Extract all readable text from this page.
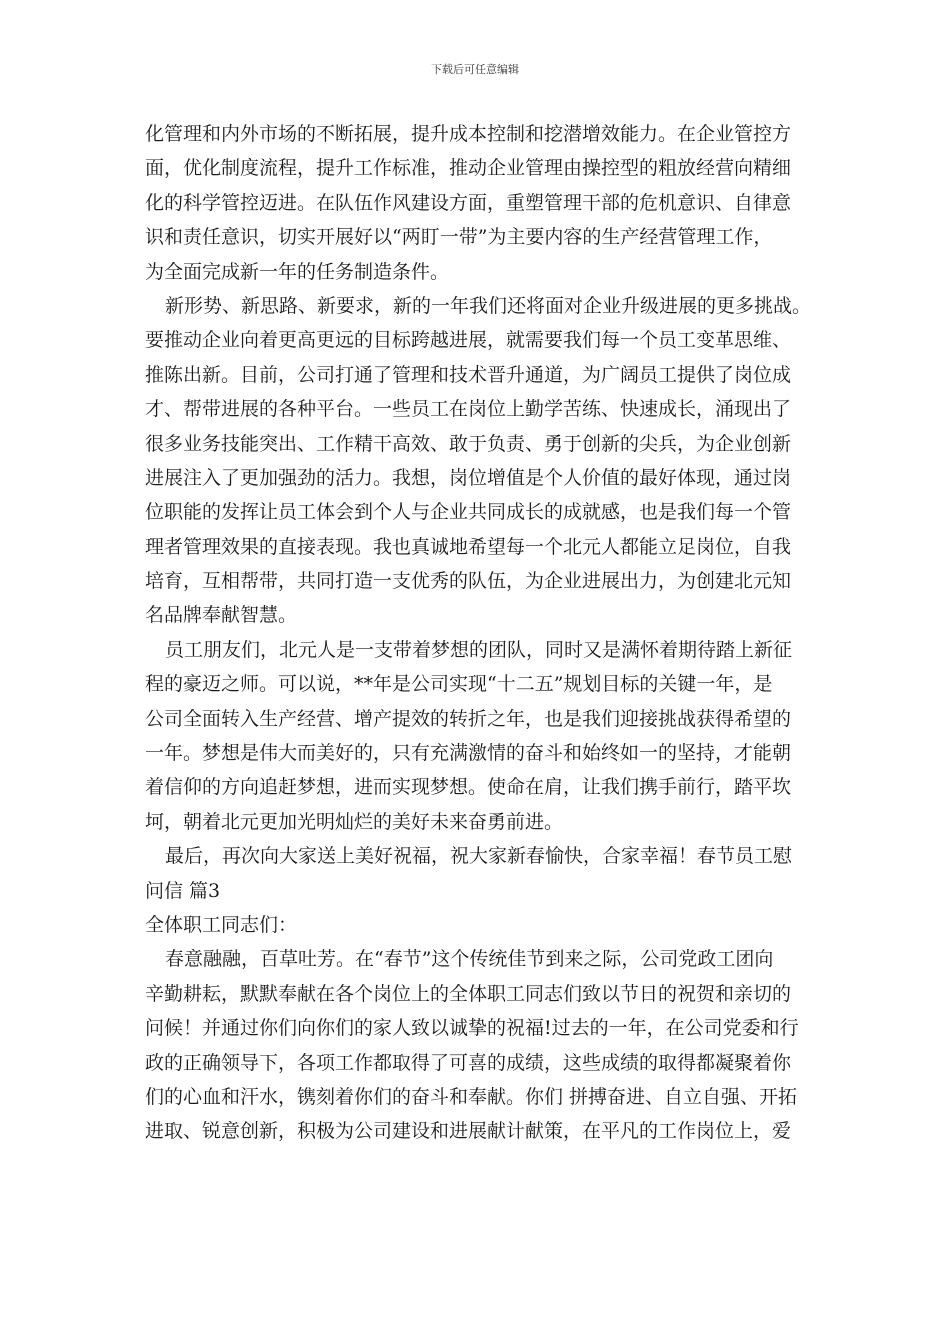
下载后可任意编辑
化管理和内外市场的不断拓展，提升成本控制和挖潜增效能力。在企业管控方
面，优化制度流程，提升工作标准，推动企业管理由操控型的粗放经营向精细
化的科学管控迈进。在队伍作风建设方面，重塑管理干部的危机意识、自律意
识和责任意识，切实开展好以“两盯一带”为主要内容的生产经营管理工作，
为全面完成新一年的任务制造条件。
新形势、新思路、新要求，新的一年我们还将面对企业升级进展的更多挑战。
要推动企业向着更高更远的目标跨越进展，就需要我们每一个员工变革思维、
推陈出新。目前，公司打通了管理和技术晋升通道，为广阔员工提供了岗位成
才、帮带进展的各种平台。一些员工在岗位上勤学苦练、快速成长，涌现出了
很多业务技能突出、工作精干高效、敢于负责、勇于创新的尖兵，为企业创新
进展注入了更加强劲的活力。我想，岗位增值是个人价值的最好体现，通过岗
位职能的发挥让员工体会到个人与企业共同成长的成就感，也是我们每一个管
理者管理效果的直接表现。我也真诚地希望每一个北元人都能立足岗位，自我
培育，互相帮带，共同打造一支优秀的队伍，为企业进展出力，为创建北元知
名品牌奉献智慧。
员工朋友们，北元人是一支带着梦想的团队，同时又是满怀着期待踏上新征
程的豪迈之师。可以说，**年是公司实现“十二五”规划目标的关键一年，是
公司全面转入生产经营、增产提效的转折之年，也是我们迎接挑战获得希望的
一年。梦想是伟大而美好的，只有充满激情的奋斗和始终如一的坚持，才能朝
着信仰的方向追赶梦想，进而实现梦想。使命在肩，让我们携手前行，踏平坎
坷，朝着北元更加光明灿烂的美好未来奋勇前进。
最后，再次向大家送上美好祝福，祝大家新春愉快，合家幸福！春节员工慰
问信 篇3
全体职工同志们：
春意融融，百草吐芳。在“春节”这个传统佳节到来之际，公司党政工团向
辛勤耕耘，默默奉献在各个岗位上的全体职工同志们致以节日的祝贺和亲切的
问候！并通过你们向你们的家人致以诚挚的祝福!过去的一年，在公司党委和行
政的正确领导下，各项工作都取得了可喜的成绩，这些成绩的取得都凝聚着你
们的心血和汗水，镌刻着你们的奋斗和奉献。你们 拼搏奋进、自立自强、开拓
进取、锐意创新，积极为公司建设和进展献计献策，在平凡的工作岗位上，爱
